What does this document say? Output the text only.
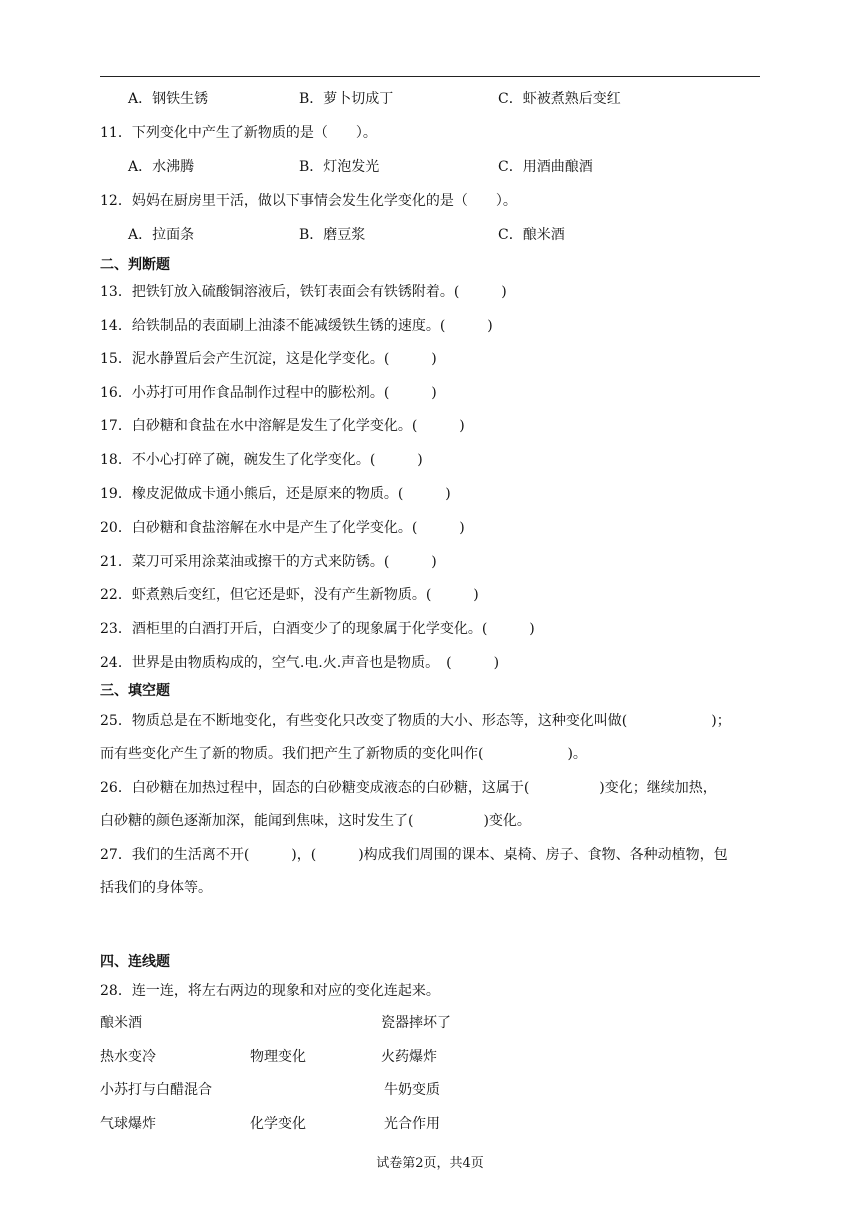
A．钢铁生锈	B．萝卜切成丁	C．虾被煮熟后变红
11．下列变化中产生了新物质的是（　　）。
A．水沸腾	B．灯泡发光	C．用酒曲酿酒
12．妈妈在厨房里干活，做以下事情会发生化学变化的是（　　）。
A．拉面条	B．磨豆浆	C．酿米酒
二、判断题
13．把铁钉放入硫酸铜溶液后，铁钉表面会有铁锈附着。(　　　)
14．给铁制品的表面刷上油漆不能减缓铁生锈的速度。(　　　)
15．泥水静置后会产生沉淀，这是化学变化。(　　　)
16．小苏打可用作食品制作过程中的膨松剂。(　　　)
17．白砂糖和食盐在水中溶解是发生了化学变化。(　　　)
18．不小心打碎了碗，碗发生了化学变化。(　　　)
19．橡皮泥做成卡通小熊后，还是原来的物质。(　　　)
20．白砂糖和食盐溶解在水中是产生了化学变化。(　　　)
21．菜刀可采用涂菜油或擦干的方式来防锈。(　　　)
22．虾煮熟后变红，但它还是虾，没有产生新物质。(　　　)
23．酒柜里的白酒打开后，白酒变少了的现象属于化学变化。(　　　)
24．世界是由物质构成的，空气.电.火.声音也是物质。　(　　　)
三、填空题
25．物质总是在不断地变化，有些变化只改变了物质的大小、形态等，这种变化叫做(　　　　　　)；
而有些变化产生了新的物质。我们把产生了新物质的变化叫作(　　　　　　)。
26．白砂糖在加热过程中，固态的白砂糖变成液态的白砂糖，这属于(　　　　　)变化；继续加热，
白砂糖的颜色逐渐加深，能闻到焦味，这时发生了(　　　　　)变化。
27．我们的生活离不开(　　　)，(　　　)构成我们周围的课本、桌椅、房子、食物、各种动植物，包
括我们的身体等。
四、连线题
28．连一连，将左右两边的现象和对应的变化连起来。
酿米酒
热水变冷
小苏打与白醋混合
气球爆炸
物理变化
化学变化
瓷器摔坏了
火药爆炸
牛奶变质
光合作用
试卷第2页，共4页
